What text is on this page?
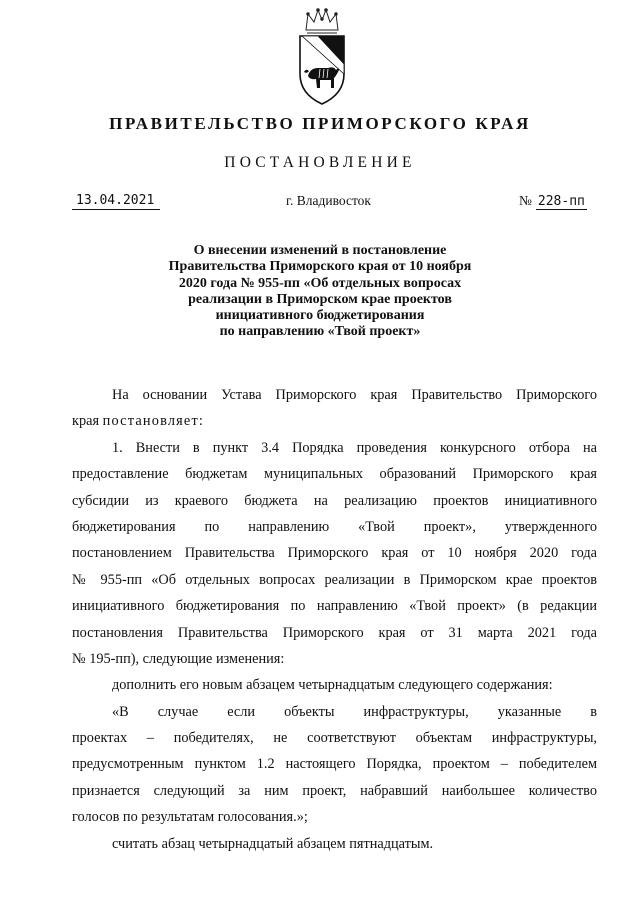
ПРАВИТЕЛЬСТВО ПРИМОРСКОГО КРАЯ
ПОСТАНОВЛЕНИЕ
13.04.2021	г. Владивосток	№ 228-пп
О внесении изменений в постановление
Правительства Приморского края от 10 ноября
2020 года № 955-пп «Об отдельных вопросах
реализации в Приморском крае проектов
инициативного бюджетирования
по направлению «Твой проект»
На основании Устава Приморского края Правительство Приморского
края постановляет:
1. Внести в пункт 3.4 Порядка проведения конкурсного отбора на
предоставление бюджетам муниципальных образований Приморского края
субсидии из краевого бюджета на реализацию проектов инициативного
бюджетирования по направлению «Твой проект», утвержденного
постановлением Правительства Приморского края от 10 ноября 2020 года
№ 955-пп «Об отдельных вопросах реализации в Приморском крае проектов
инициативного бюджетирования по направлению «Твой проект» (в редакции
постановления Правительства Приморского края от 31 марта 2021 года
№ 195-пп), следующие изменения:
дополнить его новым абзацем четырнадцатым следующего содержания:
«В случае если объекты инфраструктуры, указанные в
проектах – победителях, не соответствуют объектам инфраструктуры,
предусмотренным пунктом 1.2 настоящего Порядка, проектом – победителем
признается следующий за ним проект, набравший наибольшее количество
голосов по результатам голосования.»;
считать абзац четырнадцатый абзацем пятнадцатым.
